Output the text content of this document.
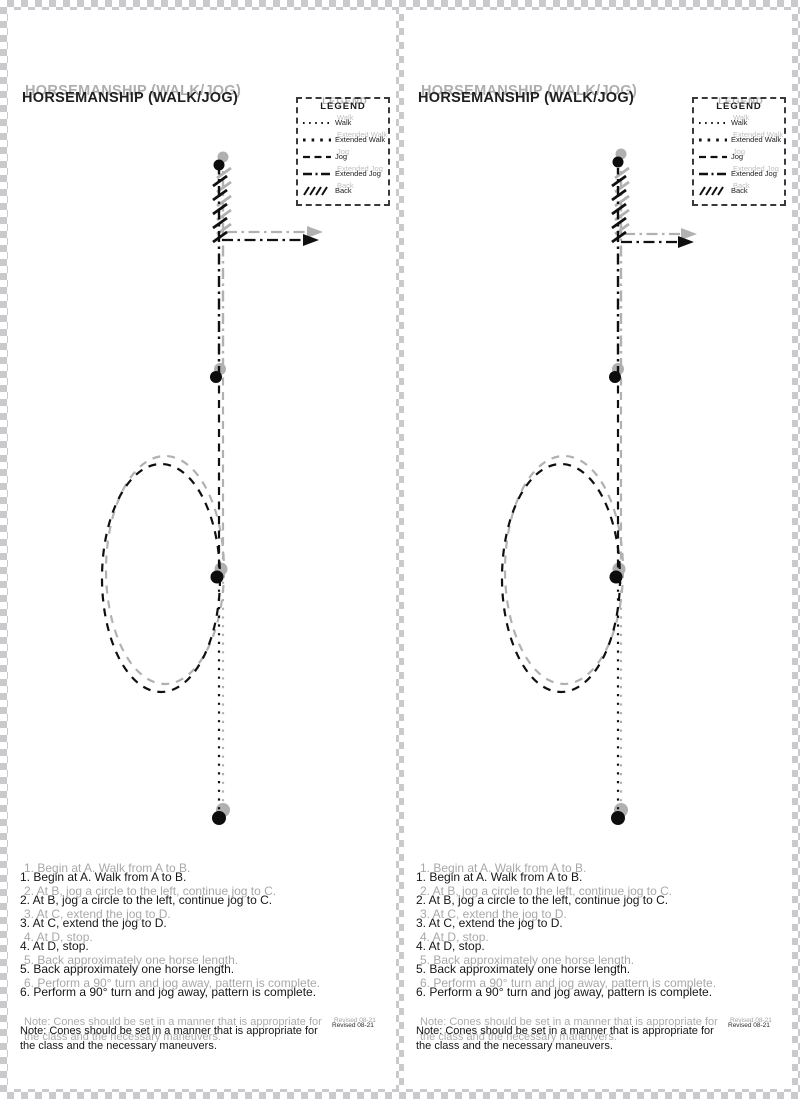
HORSEMANSHIP (WALK/JOG)
LEGEND
Walk
Extended Walk
Jog
Extended Jog
Back
1. Begin at A. Walk from A to B.
2. At B, jog a circle to the left, continue jog to C.
3. At C, extend the jog to D.
4. At D, stop.
5. Back approximately one horse length.
6. Perform a 90° turn and jog away, pattern is complete.
Note: Cones should be set in a manner that is appropriate for the class and the necessary maneuvers.
Revised 08-21
HORSEMANSHIP (WALK/JOG)
LEGEND
Walk
Extended Walk
Jog
Extended Jog
Back
1. Begin at A. Walk from A to B.
2. At B, jog a circle to the left, continue jog to C.
3. At C, extend the jog to D.
4. At D, stop.
5. Back approximately one horse length.
6. Perform a 90° turn and jog away, pattern is complete.
Note: Cones should be set in a manner that is appropriate for the class and the necessary maneuvers.
Revised 08-21
